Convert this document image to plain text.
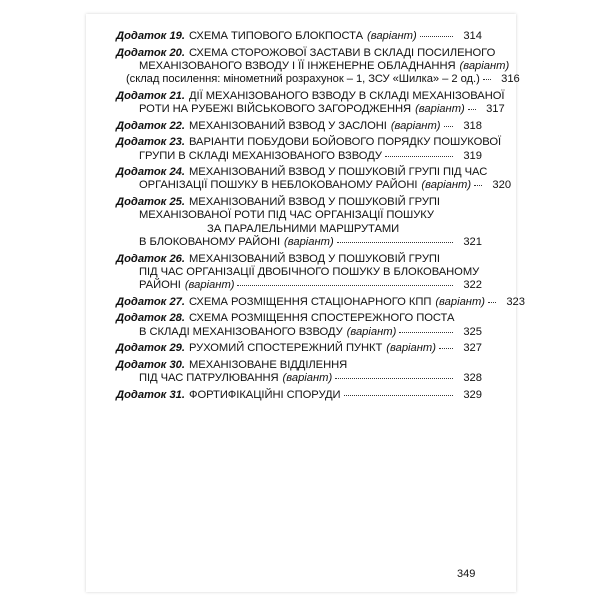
Додаток 19. СХЕМА ТИПОВОГО БЛОКПОСТА (варіант)	314
Додаток 20. СХЕМА СТОРОЖОВОЇ ЗАСТАВИ В СКЛАДІ ПОСИЛЕНОГО
МЕХАНІЗОВАНОГО ВЗВОДУ І ЇЇ ІНЖЕНЕРНЕ ОБЛАДНАННЯ (варіант)
(склад посилення: мінометний розрахунок – 1, ЗСУ «Шилка» – 2 од.)	316
Додаток 21. ДІЇ МЕХАНІЗОВАНОГО ВЗВОДУ В СКЛАДІ МЕХАНІЗОВАНОЇ
РОТИ НА РУБЕЖІ ВІЙСЬКОВОГО ЗАГОРОДЖЕННЯ (варіант)	317
Додаток 22. МЕХАНІЗОВАНИЙ ВЗВОД У ЗАСЛОНІ (варіант)	318
Додаток 23. ВАРІАНТИ ПОБУДОВИ БОЙОВОГО ПОРЯДКУ ПОШУКОВОЇ
ГРУПИ В СКЛАДІ МЕХАНІЗОВАНОГО ВЗВОДУ	319
Додаток 24. МЕХАНІЗОВАНИЙ ВЗВОД У ПОШУКОВІЙ ГРУПІ ПІД ЧАС
ОРГАНІЗАЦІЇ ПОШУКУ В НЕБЛОКОВАНОМУ РАЙОНІ (варіант)	320
Додаток 25. МЕХАНІЗОВАНИЙ ВЗВОД У ПОШУКОВІЙ ГРУПІ
МЕХАНІЗОВАНОЇ РОТИ ПІД ЧАС ОРГАНІЗАЦІЇ ПОШУКУ
ЗА ПАРАЛЕЛЬНИМИ МАРШРУТАМИ
В БЛОКОВАНОМУ РАЙОНІ (варіант)	321
Додаток 26. МЕХАНІЗОВАНИЙ ВЗВОД У ПОШУКОВІЙ ГРУПІ
ПІД ЧАС ОРГАНІЗАЦІЇ ДВОБІЧНОГО ПОШУКУ В БЛОКОВАНОМУ
РАЙОНІ (варіант)	322
Додаток 27. СХЕМА РОЗМІЩЕННЯ СТАЦІОНАРНОГО КПП (варіант)	323
Додаток 28. СХЕМА РОЗМІЩЕННЯ СПОСТЕРЕЖНОГО ПОСТА
В СКЛАДІ МЕХАНІЗОВАНОГО ВЗВОДУ (варіант)	325
Додаток 29. РУХОМИЙ СПОСТЕРЕЖНИЙ ПУНКТ (варіант)	327
Додаток 30. МЕХАНІЗОВАНЕ ВІДДІЛЕННЯ
ПІД ЧАС ПАТРУЛЮВАННЯ (варіант)	328
Додаток 31. ФОРТИФІКАЦІЙНІ СПОРУДИ	329
349
